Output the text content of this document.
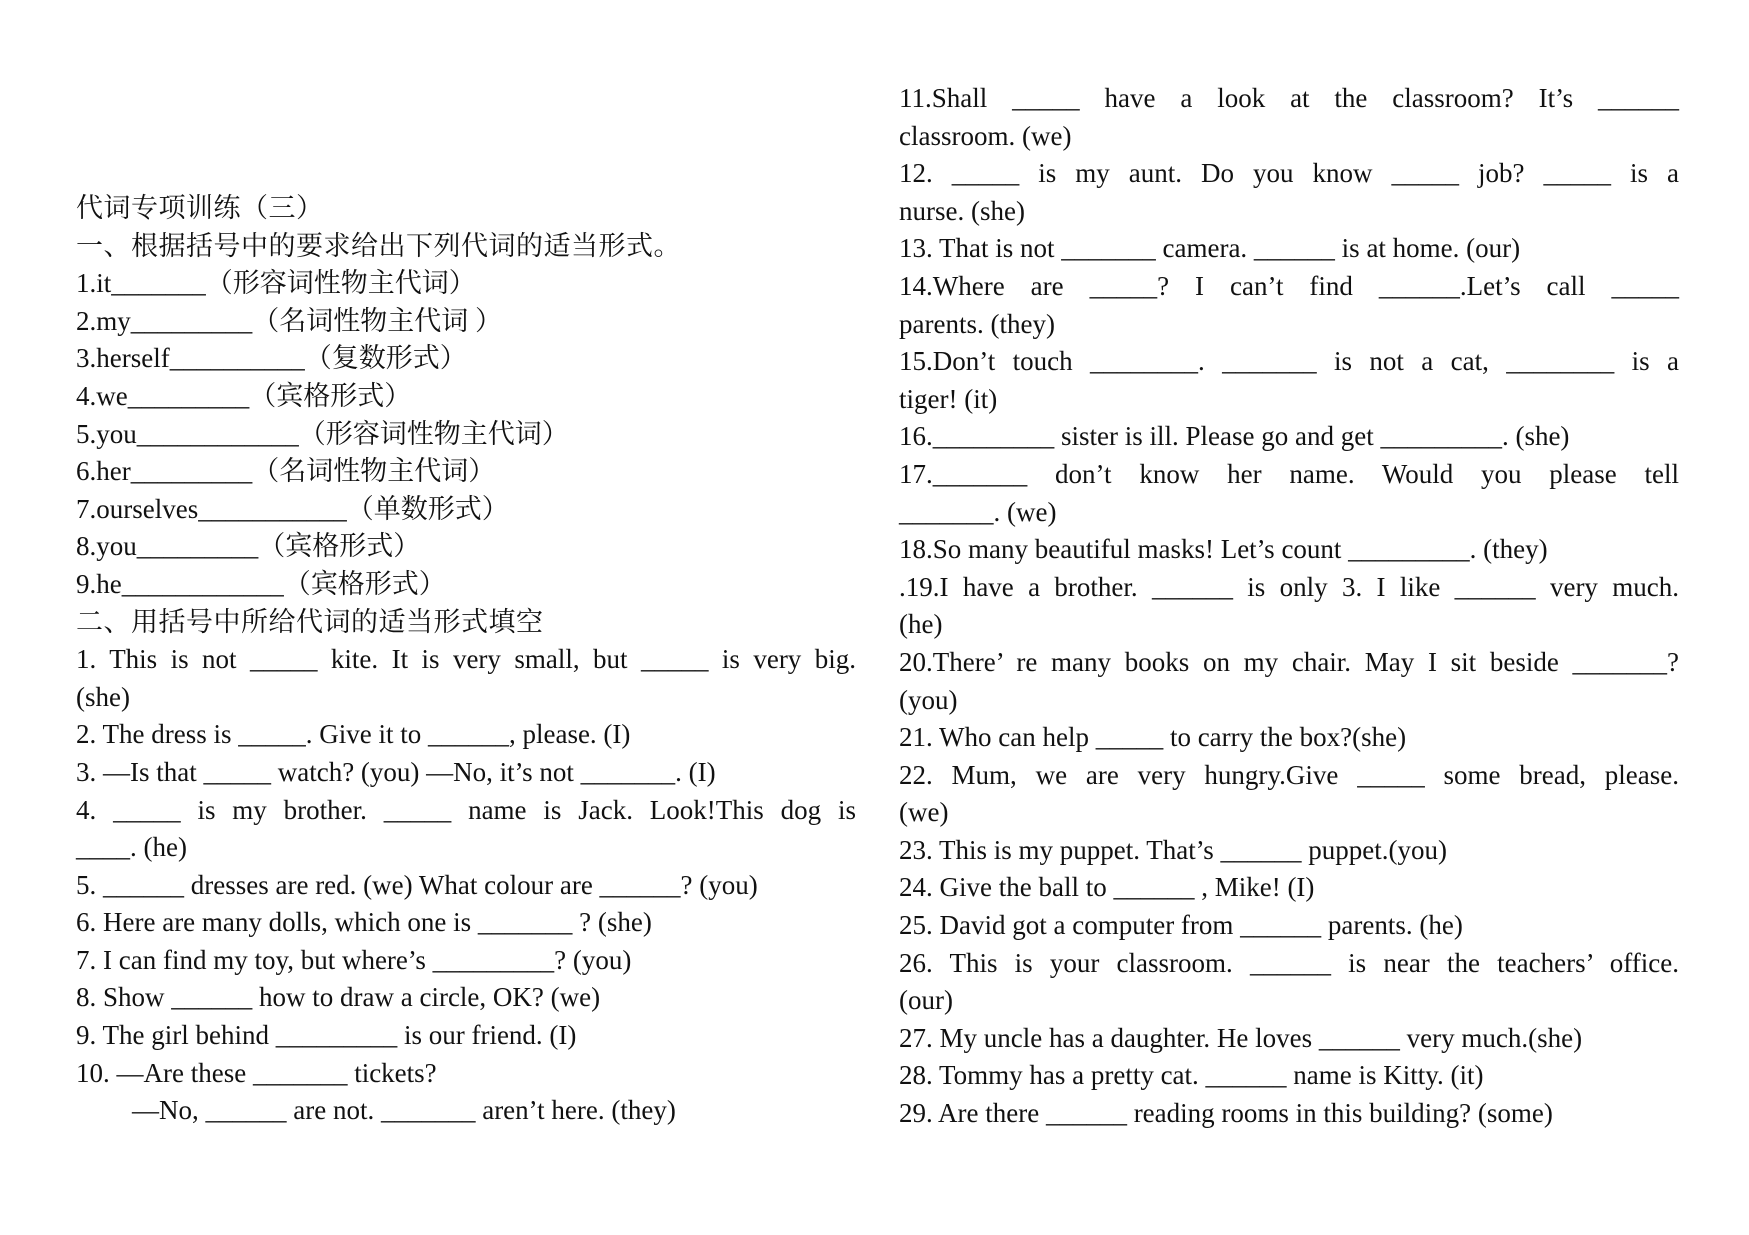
代词专项训练（三）

一、根据括号中的要求给出下列代词的适当形式。

1.it_______（形容词性物主代词）

2.my_________（名词性物主代词 ）

3.herself__________（复数形式）

4.we_________（宾格形式）

5.you____________（形容词性物主代词）

6.her_________（名词性物主代词）

7.ourselves___________（单数形式）

8.you_________（宾格形式）

9.he____________（宾格形式）

二、用括号中所给代词的适当形式填空

1. This is not _____ kite. It is very small, but _____ is very big.

(she)

2. The dress is _____. Give it to ______, please. (I)

3. —Is that _____ watch? (you) —No, it’s not _______. (I)

4. _____ is my brother. _____ name is Jack. Look!This dog is

____. (he)

5. ______ dresses are red. (we) What colour are ______? (you)

6. Here are many dolls, which one is _______ ? (she)

7. I can find my toy, but where’s _________? (you)

8. Show ______ how to draw a circle, OK? (we)

9. The girl behind _________ is our friend. (I)

10. —Are these _______ tickets?

—No, ______ are not. _______ aren’t here. (they)

11.Shall _____ have a look at the classroom? It’s ______

classroom. (we)

12. _____ is my aunt. Do you know _____ job? _____ is a

nurse. (she)

13. That is not _______ camera. ______ is at home. (our)

14.Where are _____? I can’t find ______.Let’s call _____

parents. (they)

15.Don’t touch ________. _______ is not a cat, ________ is a

tiger! (it)

16._________ sister is ill. Please go and get _________. (she)

17._______ don’t know her name. Would you please tell

_______. (we)

18.So many beautiful masks! Let’s count _________. (they)

.19.I have a brother. ______ is only 3. I like ______ very much.

(he)

20.There’ re many books on my chair. May I sit beside _______?

(you)

21. Who can help _____ to carry the box?(she)

22. Mum, we are very hungry.Give _____ some bread, please.

(we)

23. This is my puppet. That’s ______ puppet.(you)

24. Give the ball to ______ , Mike! (I)

25. David got a computer from ______ parents. (he)

26. This is your classroom. ______ is near the teachers’ office.

(our)

27. My uncle has a daughter. He loves ______ very much.(she)

28. Tommy has a pretty cat. ______ name is Kitty. (it)

29. Are there ______ reading rooms in this building? (some)
